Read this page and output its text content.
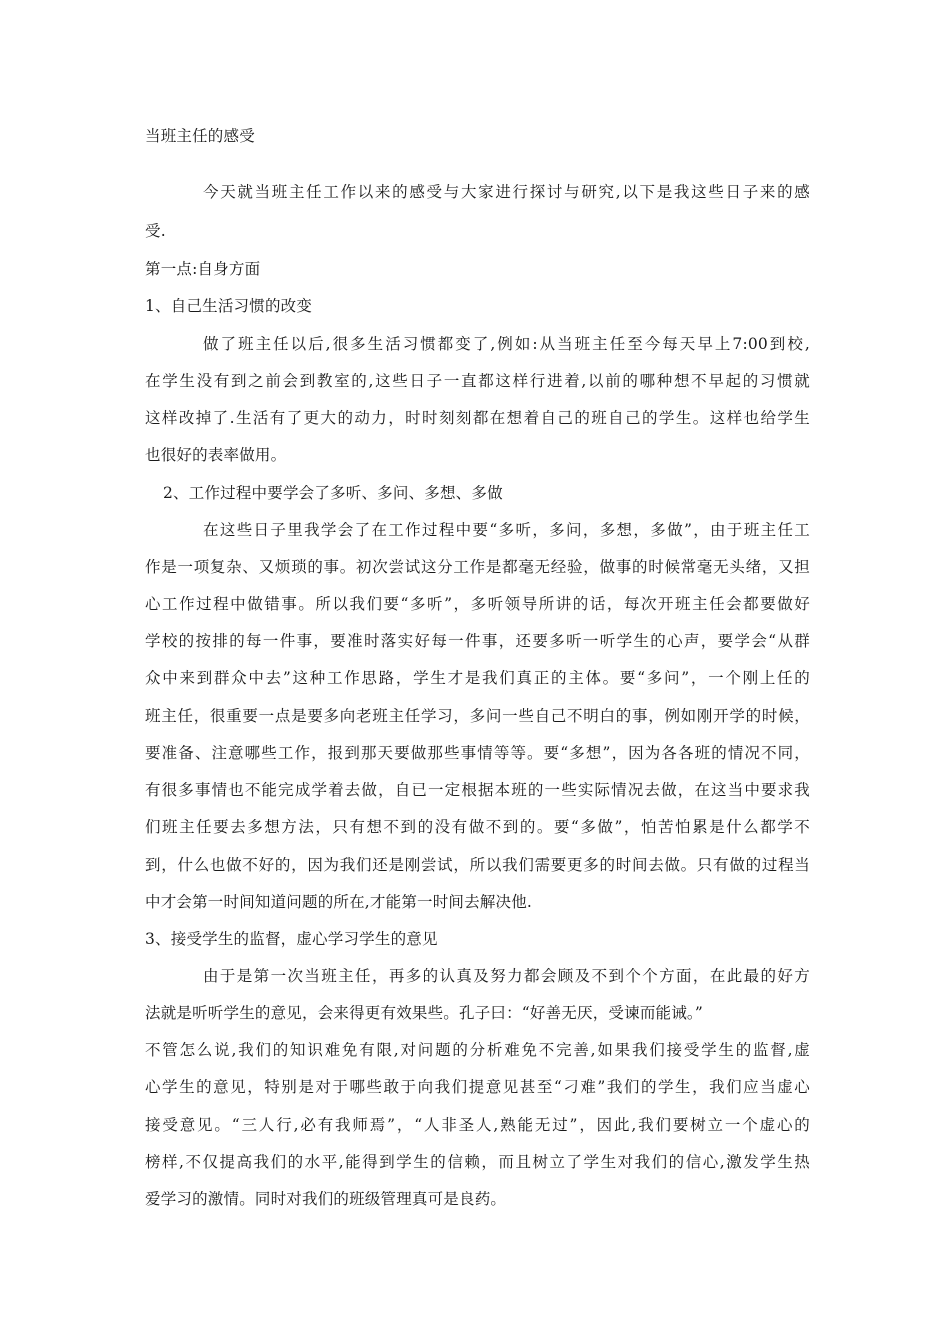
当班主任的感受
今天就当班主任工作以来的感受与大家进行探讨与研究,以下是我这些日子来的感
受.
第一点:自身方面
1、自己生活习惯的改变
做了班主任以后,很多生活习惯都变了,例如:从当班主任至今每天早上7:00到校,
在学生没有到之前会到教室的,这些日子一直都这样行进着,以前的哪种想不早起的习惯就
这样改掉了.生活有了更大的动力，时时刻刻都在想着自己的班自己的学生。这样也给学生
也很好的表率做用。
2、工作过程中要学会了多听、多问、多想、多做
在这些日子里我学会了在工作过程中要“多听，多问，多想，多做”，由于班主任工
作是一项复杂、又烦琐的事。初次尝试这分工作是都毫无经验，做事的时候常毫无头绪，又担
心工作过程中做错事。所以我们要“多听”，多听领导所讲的话，每次开班主任会都要做好
学校的按排的每一件事，要准时落实好每一件事，还要多听一听学生的心声，要学会“从群
众中来到群众中去”这种工作思路，学生才是我们真正的主体。要“多问”，一个刚上任的
班主任，很重要一点是要多向老班主任学习，多问一些自己不明白的事，例如刚开学的时候，
要准备、注意哪些工作，报到那天要做那些事情等等。要“多想”，因为各各班的情况不同，
有很多事情也不能完成学着去做，自已一定根据本班的一些实际情况去做，在这当中要求我
们班主任要去多想方法，只有想不到的没有做不到的。要“多做”，怕苦怕累是什么都学不
到，什么也做不好的，因为我们还是刚尝试，所以我们需要更多的时间去做。只有做的过程当
中才会第一时间知道问题的所在,才能第一时间去解决他.
3、接受学生的监督，虚心学习学生的意见
由于是第一次当班主任，再多的认真及努力都会顾及不到个个方面，在此最的好方
法就是听听学生的意见，会来得更有效果些。孔子曰：“好善无厌，受谏而能诫。”
不管怎么说,我们的知识难免有限,对问题的分析难免不完善,如果我们接受学生的监督,虚
心学生的意见，特别是对于哪些敢于向我们提意见甚至“刁难”我们的学生，我们应当虚心
接受意见。“三人行,必有我师焉”，“人非圣人,熟能无过”，因此,我们要树立一个虚心的
榜样,不仅提高我们的水平,能得到学生的信赖，而且树立了学生对我们的信心,激发学生热
爱学习的激情。同时对我们的班级管理真可是良药。
